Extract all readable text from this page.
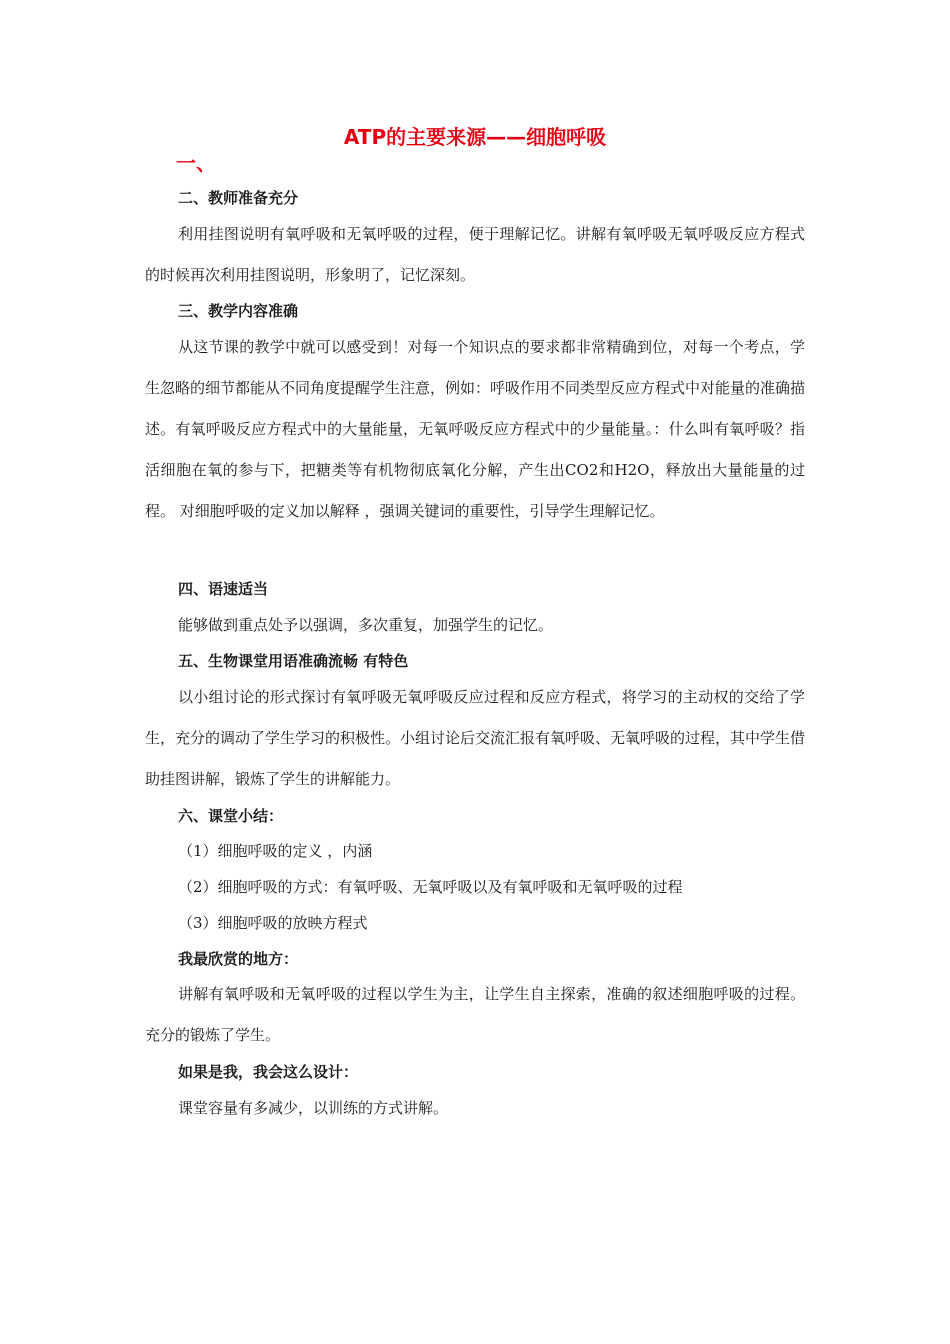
ATP的主要来源——细胞呼吸
一、
二、教师准备充分
利用挂图说明有氧呼吸和无氧呼吸的过程，便于理解记忆。讲解有氧呼吸无氧呼吸反应方程式的时候再次利用挂图说明，形象明了，记忆深刻。
三、教学内容准确
从这节课的教学中就可以感受到！对每一个知识点的要求都非常精确到位，对每一个考点，学生忽略的细节都能从不同角度提醒学生注意，例如：呼吸作用不同类型反应方程式中对能量的准确描述。有氧呼吸反应方程式中的大量能量，无氧呼吸反应方程式中的少量能量。：什么叫有氧呼吸？指活细胞在氧的参与下，把糖类等有机物彻底氧化分解，产生出CO2和H2O，释放出大量能量的过程。 对细胞呼吸的定义加以解释 ，强调关键词的重要性，引导学生理解记忆。
四、语速适当
能够做到重点处予以强调，多次重复，加强学生的记忆。
五、生物课堂用语准确流畅 有特色
以小组讨论的形式探讨有氧呼吸无氧呼吸反应过程和反应方程式，将学习的主动权的交给了学生，充分的调动了学生学习的积极性。小组讨论后交流汇报有氧呼吸、无氧呼吸的过程，其中学生借助挂图讲解，锻炼了学生的讲解能力。
六、课堂小结：
（1）细胞呼吸的定义 ，内涵
（2）细胞呼吸的方式：有氧呼吸、无氧呼吸以及有氧呼吸和无氧呼吸的过程
（3）细胞呼吸的放映方程式
我最欣赏的地方：
讲解有氧呼吸和无氧呼吸的过程以学生为主，让学生自主探索，准确的叙述细胞呼吸的过程。充分的锻炼了学生。
如果是我，我会这么设计：
课堂容量有多减少，以训练的方式讲解。
